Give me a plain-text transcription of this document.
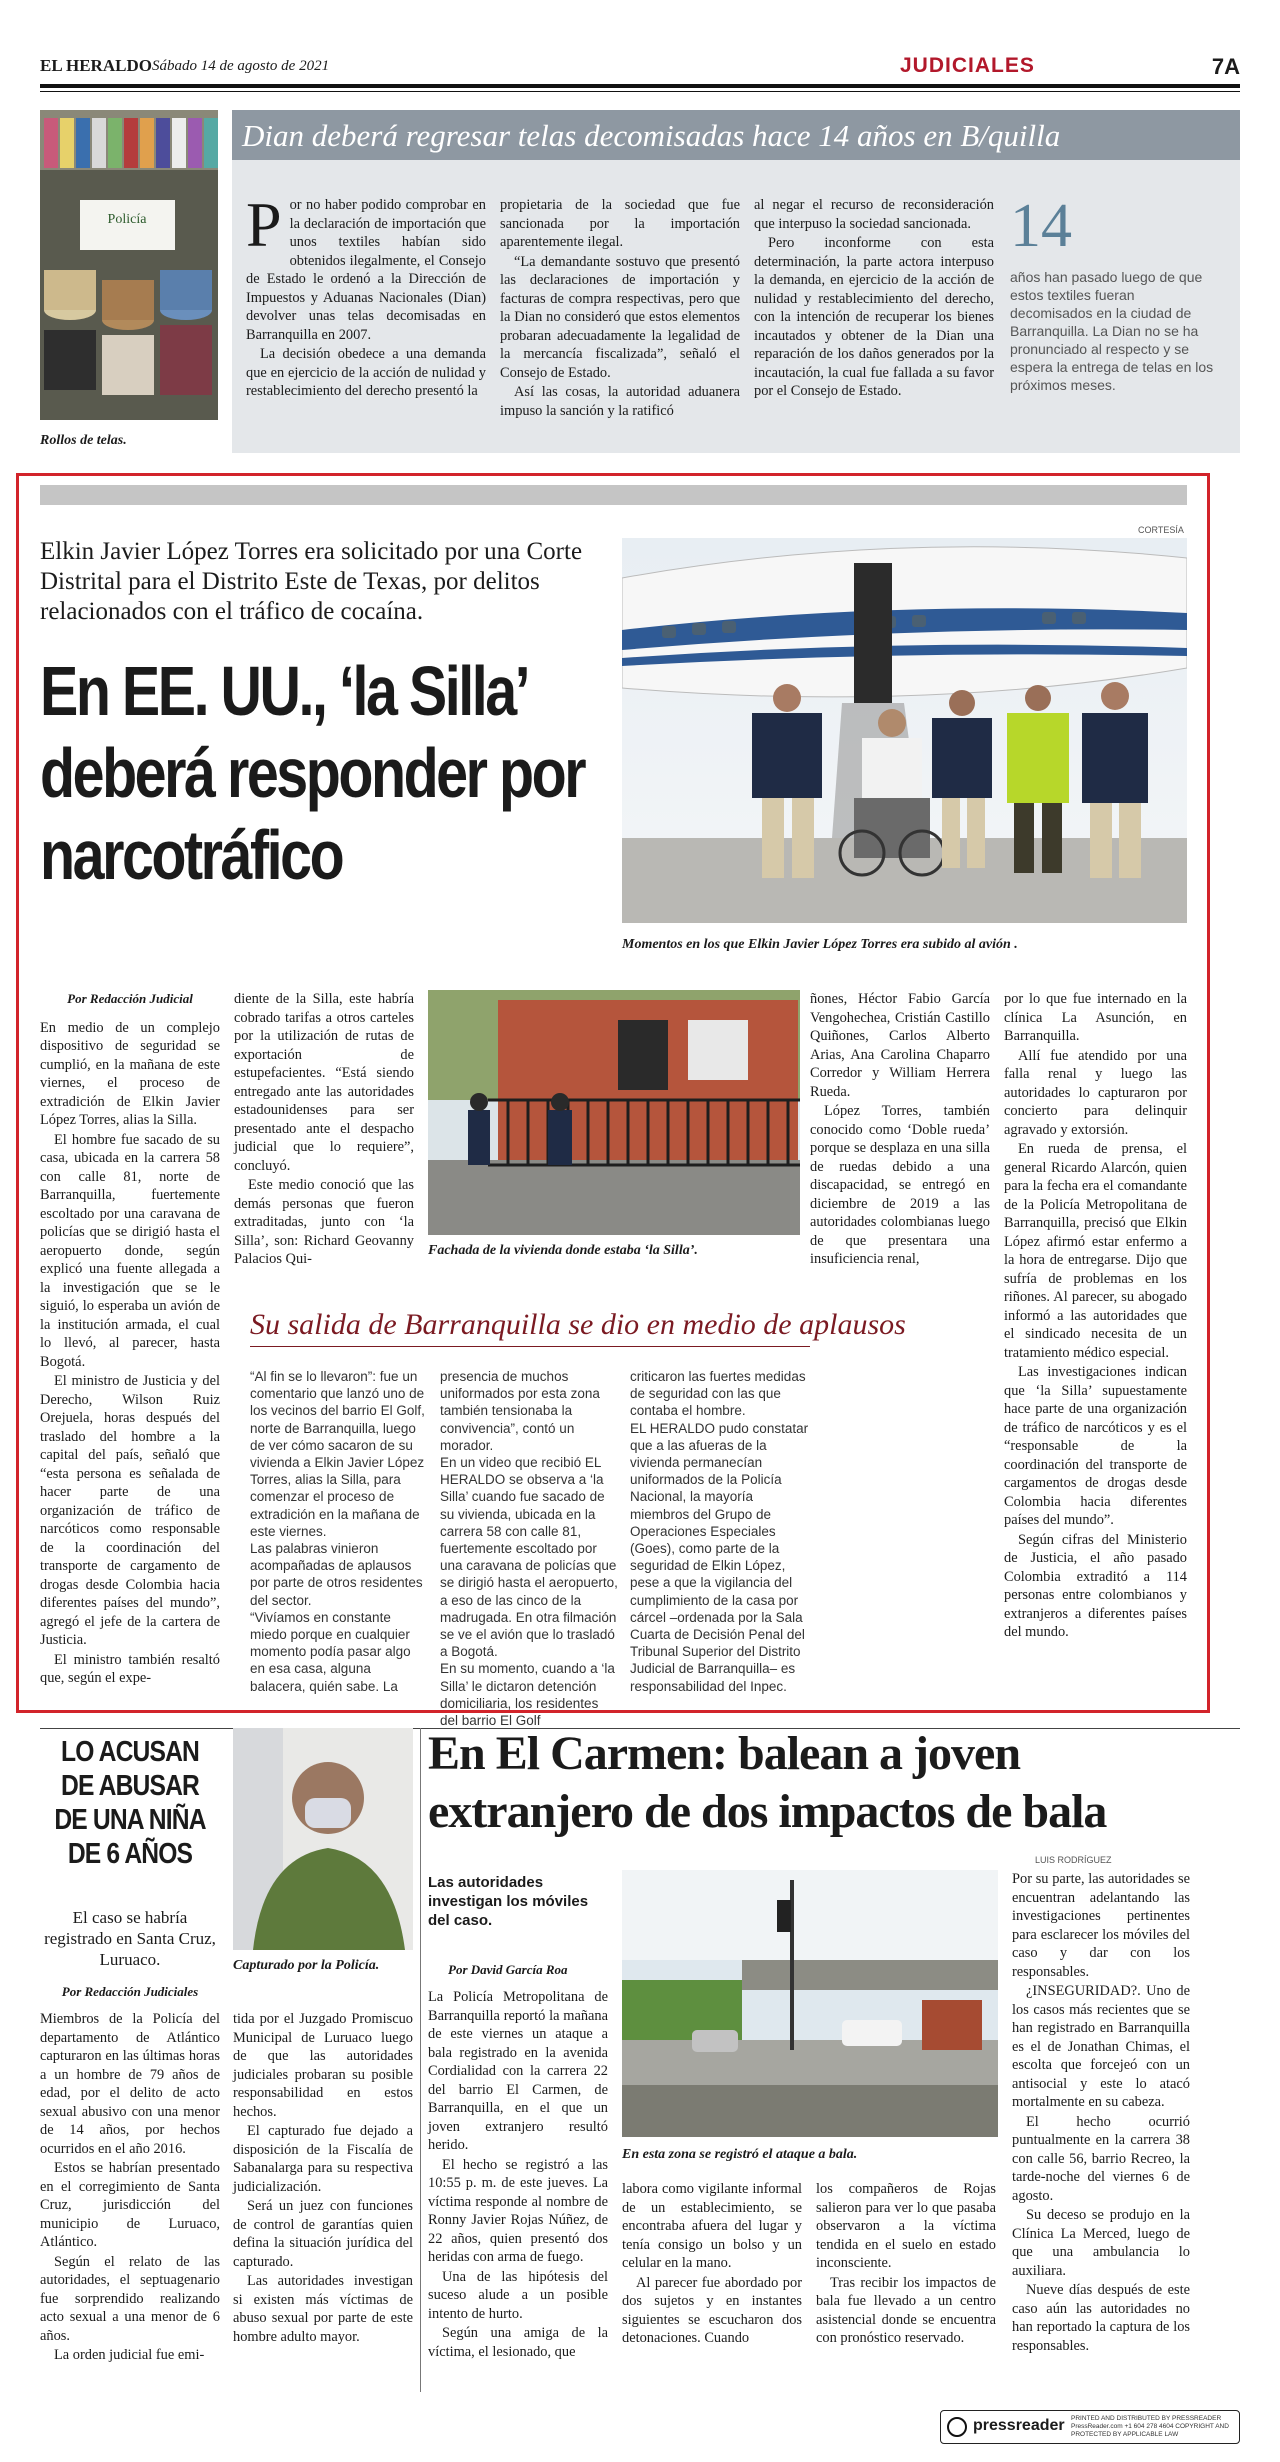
EL HERALDO Sábado 14 de agosto de 2021	JUDICIALES	7A
Policía
Rollos de telas.
Dian deberá regresar telas decomisadas hace 14 años en B/quilla

Por no haber podido comprobar en la declaración de importación que unos textiles habían sido obtenidos ilegalmente, el Consejo de Estado le ordenó a la Dirección de Impuestos y Aduanas Nacionales (Dian) devolver unas telas decomisadas en Barranquilla en 2007.

La decisión obedece a una demanda que en ejercicio de la acción de nulidad y restablecimiento del derecho presentó la

propietaria de la sociedad que fue sancionada por la importación aparentemente ilegal.

“La demandante sostuvo que presentó las declaraciones de importación y facturas de compra respectivas, pero que la Dian no consideró que estos elementos probaran adecuadamente la legalidad de la mercancía fiscalizada”, señaló el Consejo de Estado.

Así las cosas, la autoridad aduanera impuso la sanción y la ratificó

al negar el recurso de reconsideración que interpuso la sociedad sancionada.

Pero inconforme con esta determinación, la parte actora interpuso la demanda, en ejercicio de la acción de nulidad y restablecimiento del derecho, con la intención de recuperar los bienes incautados y obtener de la Dian una reparación de los daños generados por la incautación, la cual fue fallada a su favor por el Consejo de Estado.

14
años han pasado luego de que estos textiles fueran decomisados en la ciudad de Barranquilla. La Dian no se ha pronunciado al respecto y se espera la entrega de telas en los próximos meses.
Elkin Javier López Torres era solicitado por una Corte Distrital para el Distrito Este de Texas, por delitos relacionados con el tráfico de cocaína.
En EE. UU., ‘la Silla’ deberá responder por narcotráfico
CORTESÍA
Momentos en los que Elkin Javier López Torres era subido al avión .
Por Redacción Judicial

En medio de un complejo dispositivo de seguridad se cumplió, en la mañana de este viernes, el proceso de extradición de Elkin Javier López Torres, alias la Silla.

El hombre fue sacado de su casa, ubicada en la carrera 58 con calle 81, norte de Barranquilla, fuertemente escoltado por una caravana de policías que se dirigió hasta el aeropuerto donde, según explicó una fuente allegada a la investigación que se le siguió, lo esperaba un avión de la institución armada, el cual lo llevó, al parecer, hasta Bogotá.

El ministro de Justicia y del Derecho, Wilson Ruiz Orejuela, horas después del traslado del hombre a la capital del país, señaló que “esta persona es señalada de hacer parte de una organización de tráfico de narcóticos como responsable de la coordinación del transporte de cargamento de drogas desde Colombia hacia diferentes países del mundo”, agregó el jefe de la cartera de Justicia.

El ministro también resaltó que, según el expe-

diente de la Silla, este habría cobrado tarifas a otros carteles por la utilización de rutas de exportación de estupefacientes. “Está siendo entregado ante las autoridades estadounidenses para ser presentado ante el despacho judicial que lo requiere”, concluyó.

Este medio conoció que las demás personas que fueron extraditadas, junto con ‘la Silla’, son: Richard Geovanny Palacios Qui-

Fachada de la vivienda donde estaba ‘la Silla’.

ñones, Héctor Fabio García Vengohechea, Cristián Castillo Quiñones, Carlos Alberto Arias, Ana Carolina Chaparro Corredor y William Herrera Rueda.

López Torres, también conocido como ‘Doble rueda’ porque se desplaza en una silla de ruedas debido a una discapacidad, se entregó en diciembre de 2019 a las autoridades colombianas luego de que presentara una insuficiencia renal,

por lo que fue internado en la clínica La Asunción, en Barranquilla.

Allí fue atendido por una falla renal y luego las autoridades lo capturaron por concierto para delinquir agravado y extorsión.

En rueda de prensa, el general Ricardo Alarcón, quien para la fecha era el comandante de la Policía Metropolitana de Barranquilla, precisó que Elkin López afirmó estar enfermo a la hora de entregarse. Dijo que sufría de problemas en los riñones. Al parecer, su abogado informó a las autoridades que el sindicado necesita de un tratamiento médico especial.

Las investigaciones indican que ‘la Silla’ supuestamente hace parte de una organización de tráfico de narcóticos y es el “responsable de la coordinación del transporte de cargamentos de drogas desde Colombia hacia diferentes países del mundo”.

Según cifras del Ministerio de Justicia, el año pasado Colombia extraditó a 114 personas entre colombianos y extranjeros a diferentes países del mundo.

Su salida de Barranquilla se dio en medio de aplausos

“Al fin se lo llevaron”: fue un comentario que lanzó uno de los vecinos del barrio El Golf, norte de Barranquilla, luego de ver cómo sacaron de su vivienda a Elkin Javier López Torres, alias la Silla, para comenzar el proceso de extradición en la mañana de este viernes.

Las palabras vinieron acompañadas de aplausos por parte de otros residentes del sector.

“Vivíamos en constante miedo porque en cualquier momento podía pasar algo en esa casa, alguna balacera, quién sabe. La

presencia de muchos uniformados por esta zona también tensionaba la convivencia”, contó un morador.

En un video que recibió EL HERALDO se observa a ‘la Silla’ cuando fue sacado de su vivienda, ubicada en la carrera 58 con calle 81, fuertemente escoltado por una caravana de policías que se dirigió hasta el aeropuerto, a eso de las cinco de la madrugada. En otra filmación se ve el avión que lo trasladó a Bogotá.

En su momento, cuando a ‘la Silla’ le dictaron detención domiciliaria, los residentes del barrio El Golf

criticaron las fuertes medidas de seguridad con las que contaba el hombre.

EL HERALDO pudo constatar que a las afueras de la vivienda permanecían uniformados de la Policía Nacional, la mayoría miembros del Grupo de Operaciones Especiales (Goes), como parte de la seguridad de Elkin López, pese a que la vigilancia del cumplimiento de la casa por cárcel –ordenada por la Sala Cuarta de Decisión Penal del Tribunal Superior del Distrito Judicial de Barranquilla– es responsabilidad del Inpec.

LO ACUSAN DE ABUSAR DE UNA NIÑA DE 6 AÑOS
El caso se habría registrado en Santa Cruz, Luruaco.
Por Redacción Judiciales
Capturado por la Policía.

Miembros de la Policía del departamento de Atlántico capturaron en las últimas horas a un hombre de 79 años de edad, por el delito de acto sexual abusivo con una menor de 14 años, por hechos ocurridos en el año 2016.

Estos se habrían presentado en el corregimiento de Santa Cruz, jurisdicción del municipio de Luruaco, Atlántico.

Según el relato de las autoridades, el septuagenario fue sorprendido realizando acto sexual a una menor de 6 años.

La orden judicial fue emi-

tida por el Juzgado Promiscuo Municipal de Luruaco luego de que las autoridades judiciales probaran su posible responsabilidad en estos hechos.

El capturado fue dejado a disposición de la Fiscalía de Sabanalarga para su respectiva judicialización.

Será un juez con funciones de control de garantías quien defina la situación jurídica del capturado.

Las autoridades investigan si existen más víctimas de abuso sexual por parte de este hombre adulto mayor.

En El Carmen: balean a joven extranjero de dos impactos de bala
LUIS RODRÍGUEZ
Las autoridades investigan los móviles del caso.
Por David García Roa
En esta zona se registró el ataque a bala.

La Policía Metropolitana de Barranquilla reportó la mañana de este viernes un ataque a bala registrado en la avenida Cordialidad con la carrera 22 del barrio El Carmen, de Barranquilla, en el que un joven extranjero resultó herido.

El hecho se registró a las 10:55 p. m. de este jueves. La víctima responde al nombre de Ronny Javier Rojas Núñez, de 22 años, quien presentó dos heridas con arma de fuego.

Una de las hipótesis del suceso alude a un posible intento de hurto.

Según una amiga de la víctima, el lesionado, que

labora como vigilante informal de un establecimiento, se encontraba afuera del lugar y tenía consigo un bolso y un celular en la mano.

Al parecer fue abordado por dos sujetos y en instantes siguientes se escucharon dos detonaciones. Cuando

los compañeros de Rojas salieron para ver lo que pasaba observaron a la víctima tendida en el suelo en estado inconsciente.

Tras recibir los impactos de bala fue llevado a un centro asistencial donde se encuentra con pronóstico reservado.

Por su parte, las autoridades se encuentran adelantando las investigaciones pertinentes para esclarecer los móviles del caso y dar con los responsables.

¿INSEGURIDAD?. Uno de los casos más recientes que se han registrado en Barranquilla es el de Jonathan Chimas, el escolta que forcejeó con un antisocial y este lo atacó mortalmente en su cabeza.

El hecho ocurrió puntualmente en la carrera 38 con calle 56, barrio Recreo, la tarde-noche del viernes 6 de agosto.

Su deceso se produjo en la Clínica La Merced, luego de que una ambulancia lo auxiliara.

Nueve días después de este caso aún las autoridades no han reportado la captura de los responsables.

pressreader PRINTED AND DISTRIBUTED BY PRESSREADER PressReader.com +1 604 278 4604 COPYRIGHT AND PROTECTED BY APPLICABLE LAW
